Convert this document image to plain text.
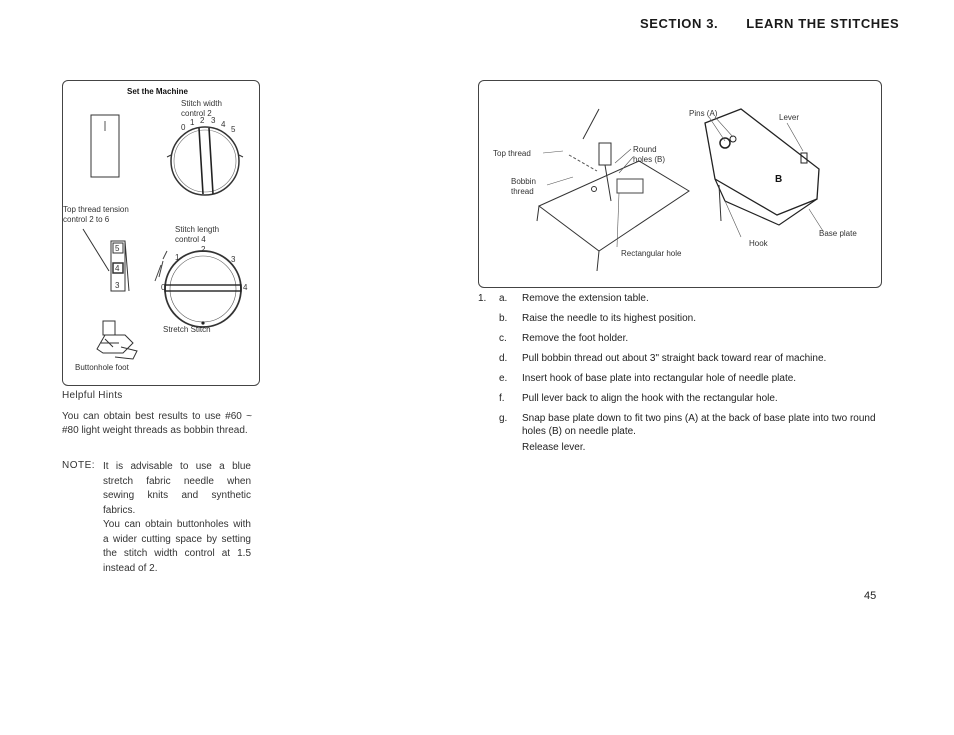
SECTION 3. LEARN THE STITCHES
Set the Machine
Stitch width
control 2
0
1 2 3 4
5
Top thread tension
control 2 to 6
5
4
3
Stitch length
control 4
0
1
2
3
4
Stretch Stitch
Buttonhole foot
Pins (A)	Lever
Top thread	Round
holes (B)
Bobbin
thread
Hook
Base plate
Rectangular hole
B
Helpful Hints
You can obtain best results to use #60 ~ #80 light weight threads as bobbin thread.
NOTE: It is advisable to use a blue stretch fabric needle when sewing knits and synthetic fabrics.
You can obtain buttonholes with a wider cutting space by setting the stitch width control at 1.5 instead of 2.
1. a. Remove the extension table.
b. Raise the needle to its highest position.
c. Remove the foot holder.
d. Pull bobbin thread out about 3" straight back toward rear of machine.
e. Insert hook of base plate into rectangular hole of needle plate.
f. Pull lever back to align the hook with the rectangular hole.
g. Snap base plate down to fit two pins (A) at the back of base plate into two round holes (B) on needle plate.
Release lever.
45
